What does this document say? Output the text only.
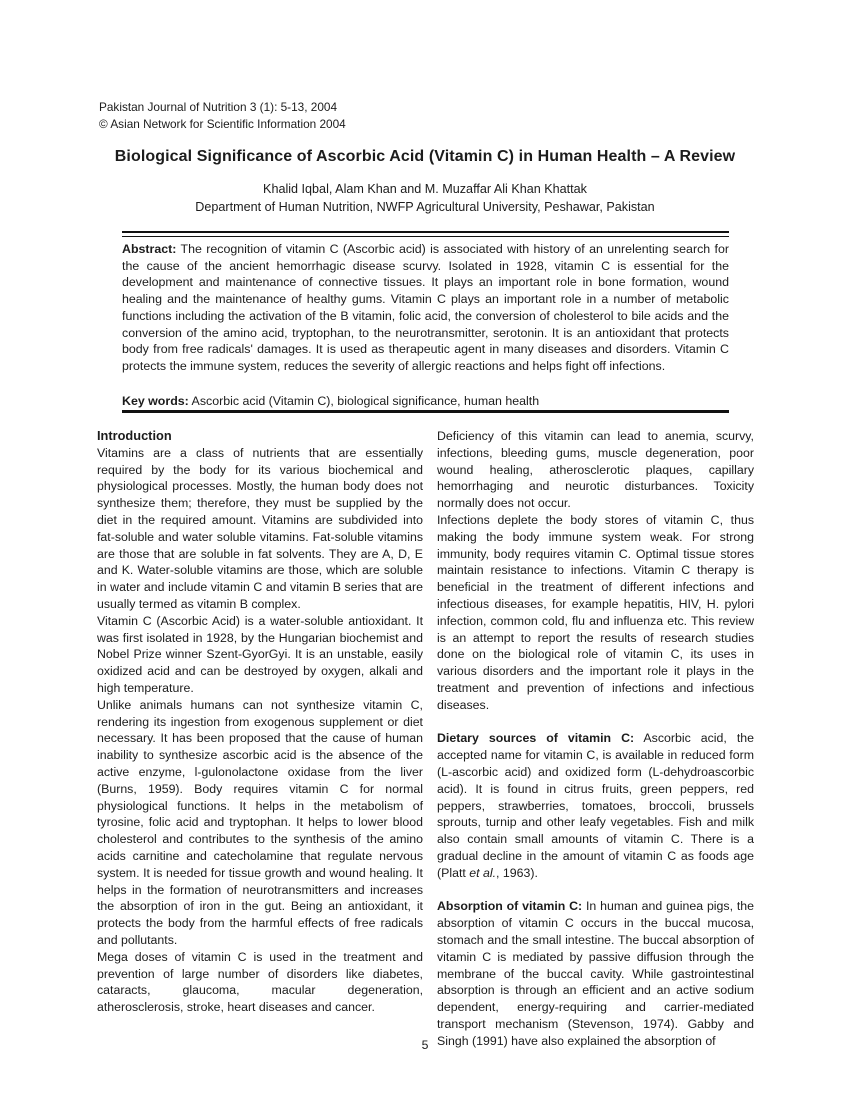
Pakistan Journal of Nutrition 3 (1): 5-13, 2004
© Asian Network for Scientific Information 2004
Biological Significance of Ascorbic Acid (Vitamin C) in Human Health – A Review
Khalid Iqbal, Alam Khan and M. Muzaffar Ali Khan Khattak
Department of Human Nutrition, NWFP Agricultural University, Peshawar, Pakistan
Abstract: The recognition of vitamin C (Ascorbic acid) is associated with history of an unrelenting search for the cause of the ancient hemorrhagic disease scurvy. Isolated in 1928, vitamin C is essential for the development and maintenance of connective tissues. It plays an important role in bone formation, wound healing and the maintenance of healthy gums. Vitamin C plays an important role in a number of metabolic functions including the activation of the B vitamin, folic acid, the conversion of cholesterol to bile acids and the conversion of the amino acid, tryptophan, to the neurotransmitter, serotonin. It is an antioxidant that protects body from free radicals' damages. It is used as therapeutic agent in many diseases and disorders. Vitamin C protects the immune system, reduces the severity of allergic reactions and helps fight off infections.
Key words: Ascorbic acid (Vitamin C), biological significance, human health

Introduction

Vitamins are a class of nutrients that are essentially required by the body for its various biochemical and physiological processes. Mostly, the human body does not synthesize them; therefore, they must be supplied by the diet in the required amount. Vitamins are subdivided into fat-soluble and water soluble vitamins. Fat-soluble vitamins are those that are soluble in fat solvents. They are A, D, E and K. Water-soluble vitamins are those, which are soluble in water and include vitamin C and vitamin B series that are usually termed as vitamin B complex.

Vitamin C (Ascorbic Acid) is a water-soluble antioxidant. It was first isolated in 1928, by the Hungarian biochemist and Nobel Prize winner Szent-GyorGyi. It is an unstable, easily oxidized acid and can be destroyed by oxygen, alkali and high temperature.

Unlike animals humans can not synthesize vitamin C, rendering its ingestion from exogenous supplement or diet necessary. It has been proposed that the cause of human inability to synthesize ascorbic acid is the absence of the active enzyme, l-gulonolactone oxidase from the liver (Burns, 1959). Body requires vitamin C for normal physiological functions. It helps in the metabolism of tyrosine, folic acid and tryptophan. It helps to lower blood cholesterol and contributes to the synthesis of the amino acids carnitine and catecholamine that regulate nervous system. It is needed for tissue growth and wound healing. It helps in the formation of neurotransmitters and increases the absorption of iron in the gut. Being an antioxidant, it protects the body from the harmful effects of free radicals and pollutants.

Mega doses of vitamin C is used in the treatment and prevention of large number of disorders like diabetes, cataracts, glaucoma, macular degeneration, atherosclerosis, stroke, heart diseases and cancer.

Deficiency of this vitamin can lead to anemia, scurvy, infections, bleeding gums, muscle degeneration, poor wound healing, atherosclerotic plaques, capillary hemorrhaging and neurotic disturbances. Toxicity normally does not occur.

Infections deplete the body stores of vitamin C, thus making the body immune system weak. For strong immunity, body requires vitamin C. Optimal tissue stores maintain resistance to infections. Vitamin C therapy is beneficial in the treatment of different infections and infectious diseases, for example hepatitis, HIV, H. pylori infection, common cold, flu and influenza etc. This review is an attempt to report the results of research studies done on the biological role of vitamin C, its uses in various disorders and the important role it plays in the treatment and prevention of infections and infectious diseases.

Dietary sources of vitamin C: Ascorbic acid, the accepted name for vitamin C, is available in reduced form (L-ascorbic acid) and oxidized form (L-dehydroascorbic acid). It is found in citrus fruits, green peppers, red peppers, strawberries, tomatoes, broccoli, brussels sprouts, turnip and other leafy vegetables. Fish and milk also contain small amounts of vitamin C. There is a gradual decline in the amount of vitamin C as foods age (Platt et al., 1963).

Absorption of vitamin C: In human and guinea pigs, the absorption of vitamin C occurs in the buccal mucosa, stomach and the small intestine. The buccal absorption of vitamin C is mediated by passive diffusion through the membrane of the buccal cavity. While gastrointestinal absorption is through an efficient and an active sodium dependent, energy-requiring and carrier-mediated transport mechanism (Stevenson, 1974). Gabby and Singh (1991) have also explained the absorption of

5
